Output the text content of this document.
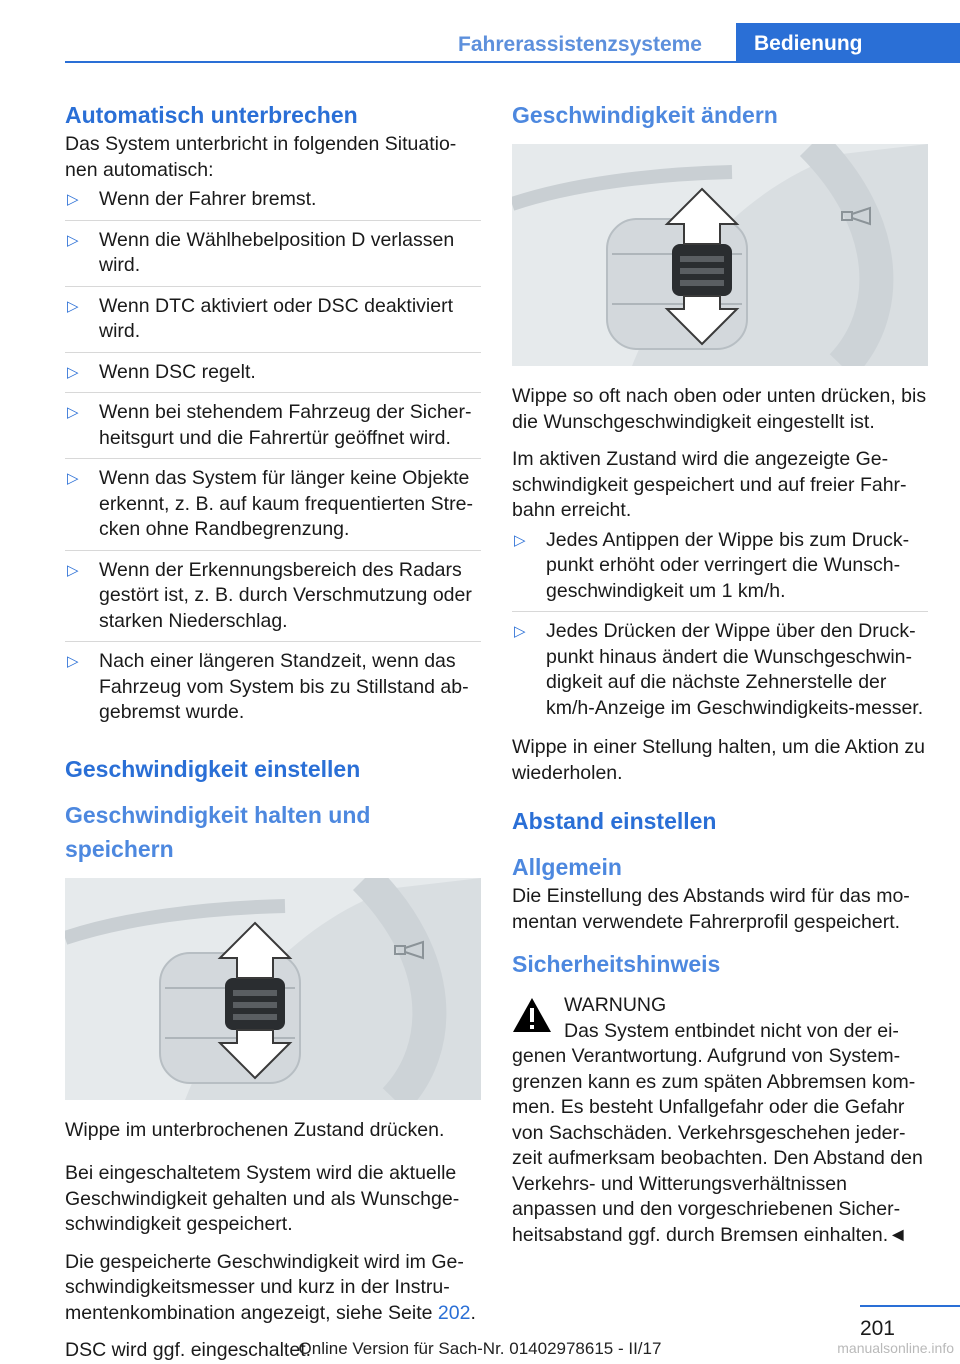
Fahrerassistenzsysteme	Bedienung
Automatisch unterbrechen

Das System unterbricht in folgenden Situatio-nen automatisch:

▷ Wenn der Fahrer bremst.
▷ Wenn die Wählhebelposition D verlassen wird.
▷ Wenn DTC aktiviert oder DSC deaktiviert wird.
▷ Wenn DSC regelt.
▷ Wenn bei stehendem Fahrzeug der Sicher-heitsgurt und die Fahrertür geöffnet wird.
▷ Wenn das System für länger keine Objekte erkennt, z. B. auf kaum frequentierten Stre-cken ohne Randbegrenzung.
▷ Wenn der Erkennungsbereich des Radars gestört ist, z. B. durch Verschmutzung oder starken Niederschlag.
▷ Nach einer längeren Standzeit, wenn das Fahrzeug vom System bis zu Stillstand ab-gebremst wurde.
Geschwindigkeit einstellen
Geschwindigkeit halten und speichern

Wippe im unterbrochenen Zustand drücken.

Bei eingeschaltetem System wird die aktuelle Geschwindigkeit gehalten und als Wunschge-schwindigkeit gespeichert.

Die gespeicherte Geschwindigkeit wird im Ge-schwindigkeitsmesser und kurz in der Instru-mentenkombination angezeigt, siehe Seite 202.

DSC wird ggf. eingeschaltet.

Geschwindigkeit ändern

Wippe so oft nach oben oder unten drücken, bis die Wunschgeschwindigkeit eingestellt ist.

Im aktiven Zustand wird die angezeigte Ge-schwindigkeit gespeichert und auf freier Fahr-bahn erreicht.

▷ Jedes Antippen der Wippe bis zum Druck-punkt erhöht oder verringert die Wunsch-geschwindigkeit um 1 km/h.
▷ Jedes Drücken der Wippe über den Druck-punkt hinaus ändert die Wunschgeschwin-digkeit auf die nächste Zehnerstelle der km/h-Anzeige im Geschwindigkeits-messer.

Wippe in einer Stellung halten, um die Aktion zu wiederholen.

Abstand einstellen
Allgemein

Die Einstellung des Abstands wird für das mo-mentan verwendete Fahrerprofil gespeichert.

Sicherheitshinweis
WARNUNG

Das System entbindet nicht von der ei-genen Verantwortung. Aufgrund von System-grenzen kann es zum späten Abbremsen kom-men. Es besteht Unfallgefahr oder die Gefahr von Sachschäden. Verkehrsgeschehen jeder-zeit aufmerksam beobachten. Den Abstand den Verkehrs- und Witterungsverhältnissen anpassen und den vorgeschriebenen Sicher-heitsabstand ggf. durch Bremsen einhalten.◄

201
Online Version für Sach-Nr. 01402978615 - II/17	manualsonline.info
